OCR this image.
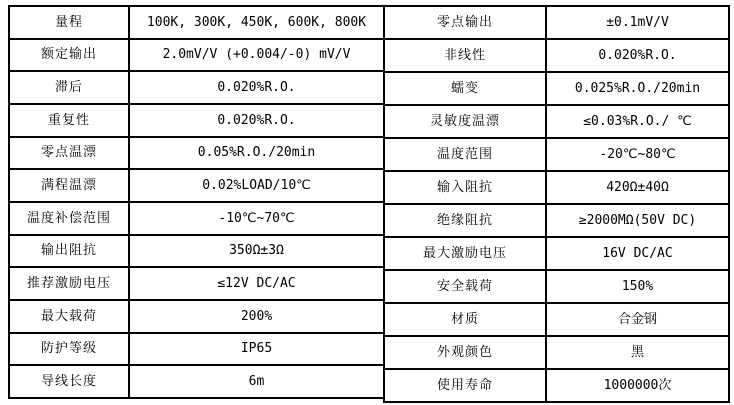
量程	100K, 300K, 450K, 600K, 800K
额定输出	2.0mV/V (+0.004/-0) mV/V
滞后	0.020%R.O.
重复性	0.020%R.O.
零点温漂	0.05%R.O./20min
满程温漂	0.02%LOAD/10℃
温度补偿范围	-10℃~70℃
输出阻抗	350Ω±3Ω
推荐激励电压	≤12V DC/AC
最大载荷	200%
防护等级	IP65
导线长度	6m
零点输出	±0.1mV/V
非线性	0.020%R.O.
蠕变	0.025%R.O./20min
灵敏度温漂	≤0.03%R.O./ ℃
温度范围	-20℃~80℃
输入阻抗	420Ω±40Ω
绝缘阻抗	≥2000MΩ(50V DC)
最大激励电压	16V DC/AC
安全载荷	150%
材质	合金钢
外观颜色	黑
使用寿命	1000000次
